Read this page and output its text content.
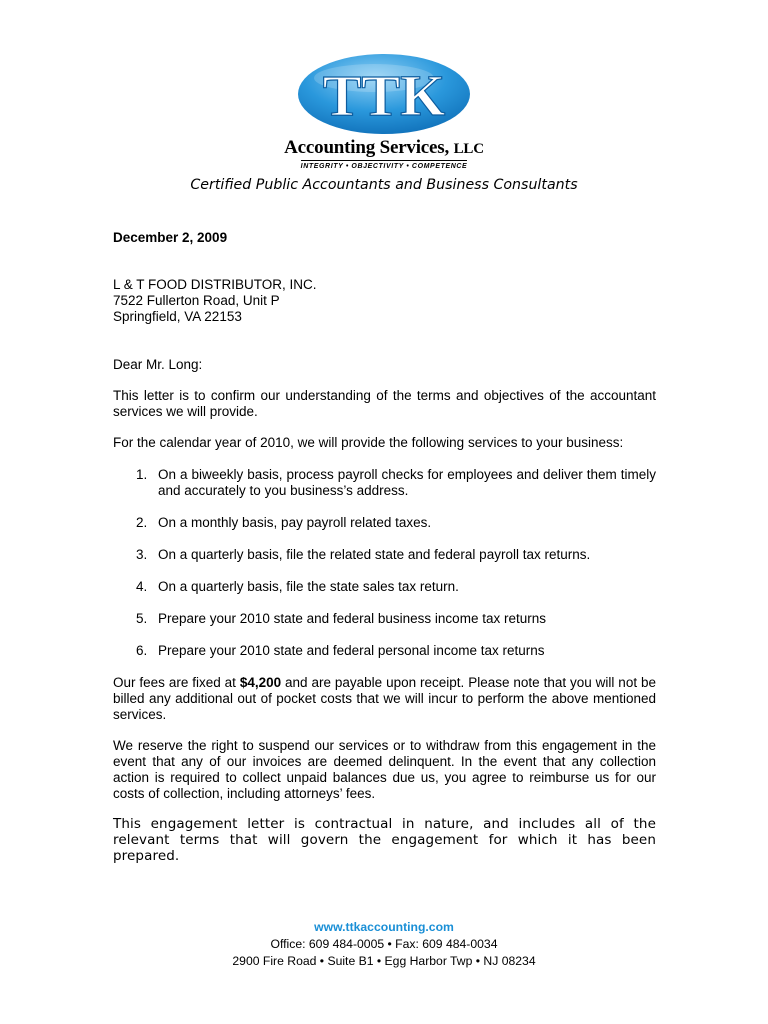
TTK
Accounting Services, LLC
INTEGRITY • OBJECTIVITY • COMPETENCE
Certified Public Accountants and Business Consultants
December 2, 2009
L & T FOOD DISTRIBUTOR, INC.
7522 Fullerton Road, Unit P
Springfield, VA 22153
Dear Mr. Long:
This letter is to confirm our understanding of the terms and objectives of the accountant services we will provide.
For the calendar year of 2010, we will provide the following services to your business:
1. On a biweekly basis, process payroll checks for employees and deliver them timely and accurately to you business’s address.
2. On a monthly basis, pay payroll related taxes.
3. On a quarterly basis, file the related state and federal payroll tax returns.
4. On a quarterly basis, file the state sales tax return.
5. Prepare your 2010 state and federal business income tax returns
6. Prepare your 2010 state and federal personal income tax returns
Our fees are fixed at $4,200 and are payable upon receipt. Please note that you will not be billed any additional out of pocket costs that we will incur to perform the above mentioned services.
We reserve the right to suspend our services or to withdraw from this engagement in the event that any of our invoices are deemed delinquent. In the event that any collection action is required to collect unpaid balances due us, you agree to reimburse us for our costs of collection, including attorneys’ fees.
This engagement letter is contractual in nature, and includes all of the relevant terms that will govern the engagement for which it has been prepared.
www.ttkaccounting.com
Office: 609 484-0005 • Fax: 609 484-0034
2900 Fire Road • Suite B1 • Egg Harbor Twp • NJ 08234
